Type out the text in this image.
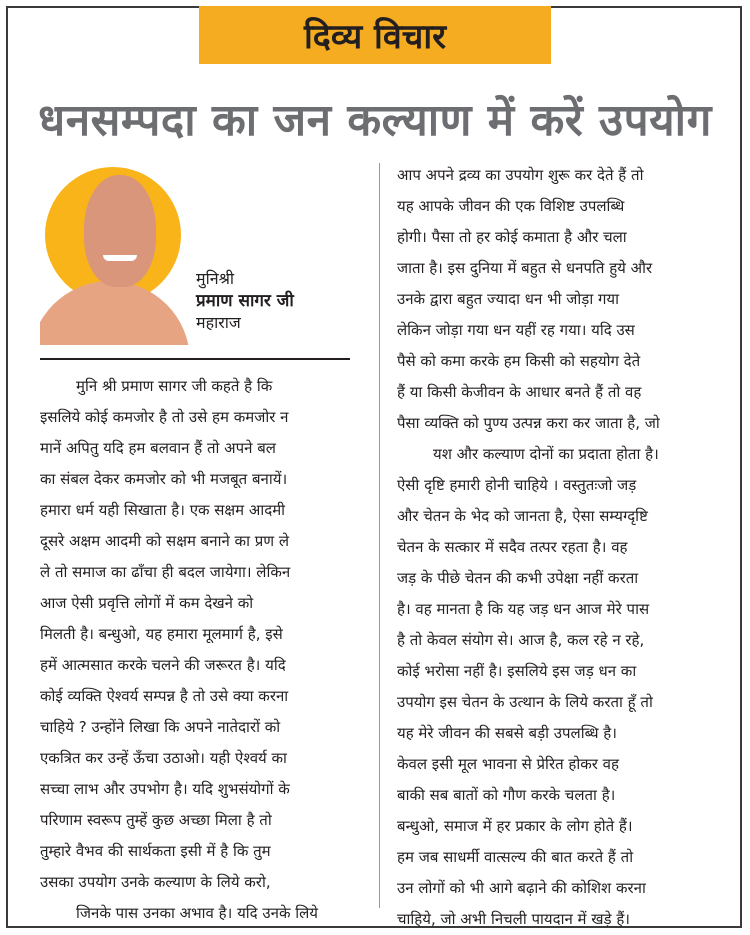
दिव्य विचार
धनसम्पदा का जन कल्याण में करें उपयोग
मुनिश्री
प्रमाण सागर जी
महाराज
मुनि श्री प्रमाण सागर जी कहते है कि
इसलिये कोई कमजोर है तो उसे हम कमजोर न
मानें अपितु यदि हम बलवान हैं तो अपने बल
का संबल देकर कमजोर को भी मजबूत बनायें।
हमारा धर्म यही सिखाता है। एक सक्षम आदमी
दूसरे अक्षम आदमी को सक्षम बनाने का प्रण ले
ले तो समाज का ढाँचा ही बदल जायेगा। लेकिन
आज ऐसी प्रवृत्ति लोगों में कम देखने को
मिलती है। बन्धुओ, यह हमारा मूलमार्ग है, इसे
हमें आत्मसात करके चलने की जरूरत है। यदि
कोई व्यक्ति ऐश्वर्य सम्पन्न है तो उसे क्या करना
चाहिये ? उन्होंने लिखा कि अपने नातेदारों को
एकत्रित कर उन्हें ऊँचा उठाओ। यही ऐश्वर्य का
सच्चा लाभ और उपभोग है। यदि शुभसंयोगों के
परिणाम स्वरूप तुम्हें कुछ अच्छा मिला है तो
तुम्हारे वैभव की सार्थकता इसी में है कि तुम
उसका उपयोग उनके कल्याण के लिये करो,
जिनके पास उनका अभाव है। यदि उनके लिये
आप अपने द्रव्य का उपयोग शुरू कर देते हैं तो
यह आपके जीवन की एक विशिष्ट उपलब्धि
होगी। पैसा तो हर कोई कमाता है और चला
जाता है। इस दुनिया में बहुत से धनपति हुये और
उनके द्वारा बहुत ज्यादा धन भी जोड़ा गया
लेकिन जोड़ा गया धन यहीं रह गया। यदि उस
पैसे को कमा करके हम किसी को सहयोग देते
हैं या किसी केजीवन के आधार बनते हैं तो वह
पैसा व्यक्ति को पुण्य उत्पन्न करा कर जाता है, जो
यश और कल्याण दोनों का प्रदाता होता है।
ऐसी दृष्टि हमारी होनी चाहिये । वस्तुतःजो जड़
और चेतन के भेद को जानता है, ऐसा सम्यग्दृष्टि
चेतन के सत्कार में सदैव तत्पर रहता है। वह
जड़ के पीछे चेतन की कभी उपेक्षा नहीं करता
है। वह मानता है कि यह जड़ धन आज मेरे पास
है तो केवल संयोग से। आज है, कल रहे न रहे,
कोई भरोसा नहीं है। इसलिये इस जड़ धन का
उपयोग इस चेतन के उत्थान के लिये करता हूँ तो
यह मेरे जीवन की सबसे बड़ी उपलब्धि है।
केवल इसी मूल भावना से प्रेरित होकर वह
बाकी सब बातों को गौण करके चलता है।
बन्धुओ, समाज में हर प्रकार के लोग होते हैं।
हम जब साधर्मी वात्सल्य की बात करते हैं तो
उन लोगों को भी आगे बढ़ाने की कोशिश करना
चाहिये, जो अभी निचली पायदान में खड़े हैं।
